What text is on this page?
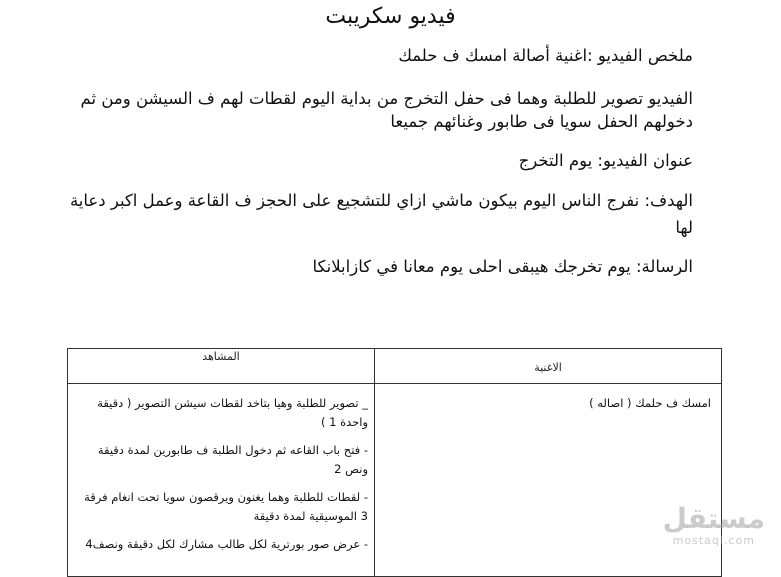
فيديو سكريبت
ملخص الفيديو :اغنية أصالة امسك ف حلمك
الفيديو تصوير للطلبة وهما فى حفل التخرج من بداية اليوم لقطات لهم ف السيشن ومن ثم دخولهم الحفل سويا فى طابور وغنائهم جميعا
عنوان الفيديو: يوم التخرج
الهدف: نفرج الناس اليوم بيكون ماشي ازاي للتشجيع على الحجز ف القاعة وعمل اكبر دعاية لها
الرسالة: يوم تخرجك هيبقى احلى يوم معانا في كازابلانكا
الاغنية	المشاهد
امسك ف حلمك ( اصاله )	_ تصوير للطلبة وهيا بتاخد لقطات سيشن التصوير ( دقيقة واحدة 1 )
- فتح باب القاعه ثم دخول الطلبة ف طابورين لمدة دقيقة ونص 2
- لقطات للطلبة وهما يغنون ويرقصون سويا تحت انغام فرقة 3 الموسيقية لمدة دقيقة
- عرض صور بورترية لكل طالب مشارك لكل دقيقة ونصف4
مستقل
mostaql.com
